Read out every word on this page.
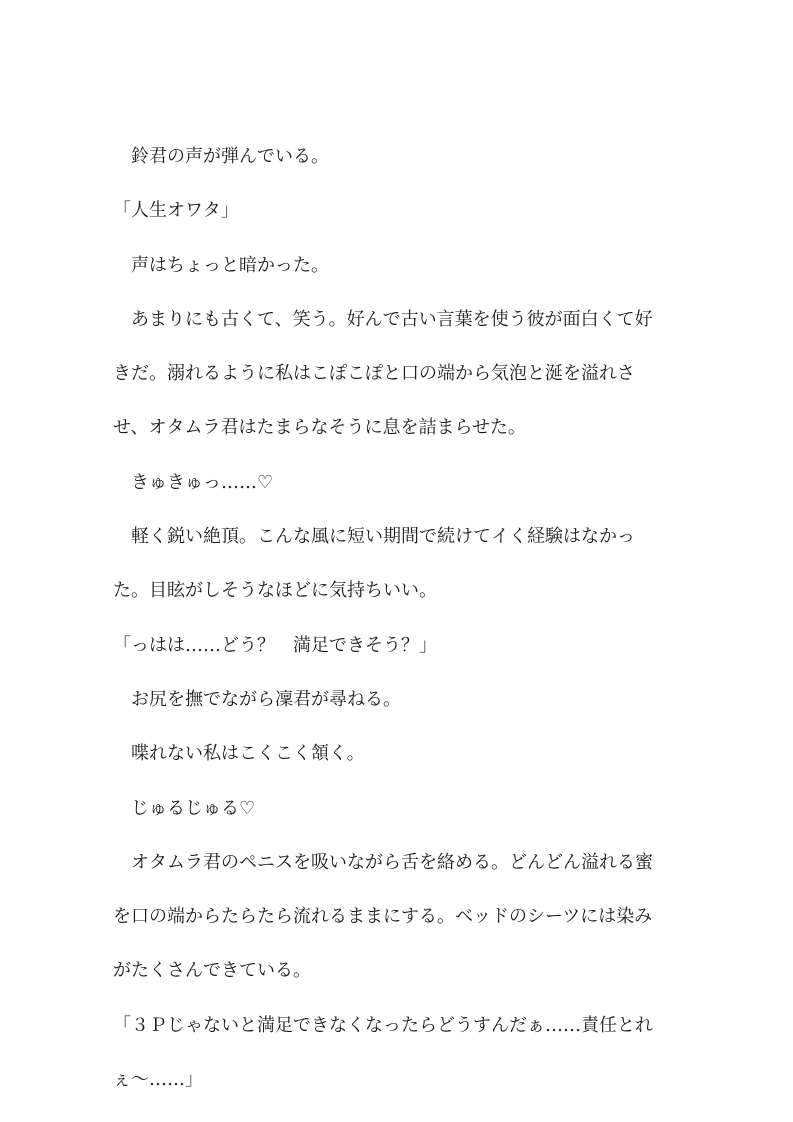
　鈴君の声が弾んでいる。
「人生オワタ」
　声はちょっと暗かった。
　あまりにも古くて、笑う。好んで古い言葉を使う彼が面白くて好
きだ。溺れるように私はこぽこぽと口の端から気泡と涎を溢れさ
せ、オタムラ君はたまらなそうに息を詰まらせた。
　きゅきゅっ……♡
　軽く鋭い絶頂。こんな風に短い期間で続けてイく経験はなかっ
た。目眩がしそうなほどに気持ちいい。
「っはは……どう？　満足できそう？」
　お尻を撫でながら凜君が尋ねる。
　喋れない私はこくこく頷く。
　じゅるじゅる♡
　オタムラ君のペニスを吸いながら舌を絡める。どんどん溢れる蜜
を口の端からたらたら流れるままにする。ベッドのシーツには染み
がたくさんできている。
「３Ｐじゃないと満足できなくなったらどうすんだぁ……責任とれ
ぇ〜……」
